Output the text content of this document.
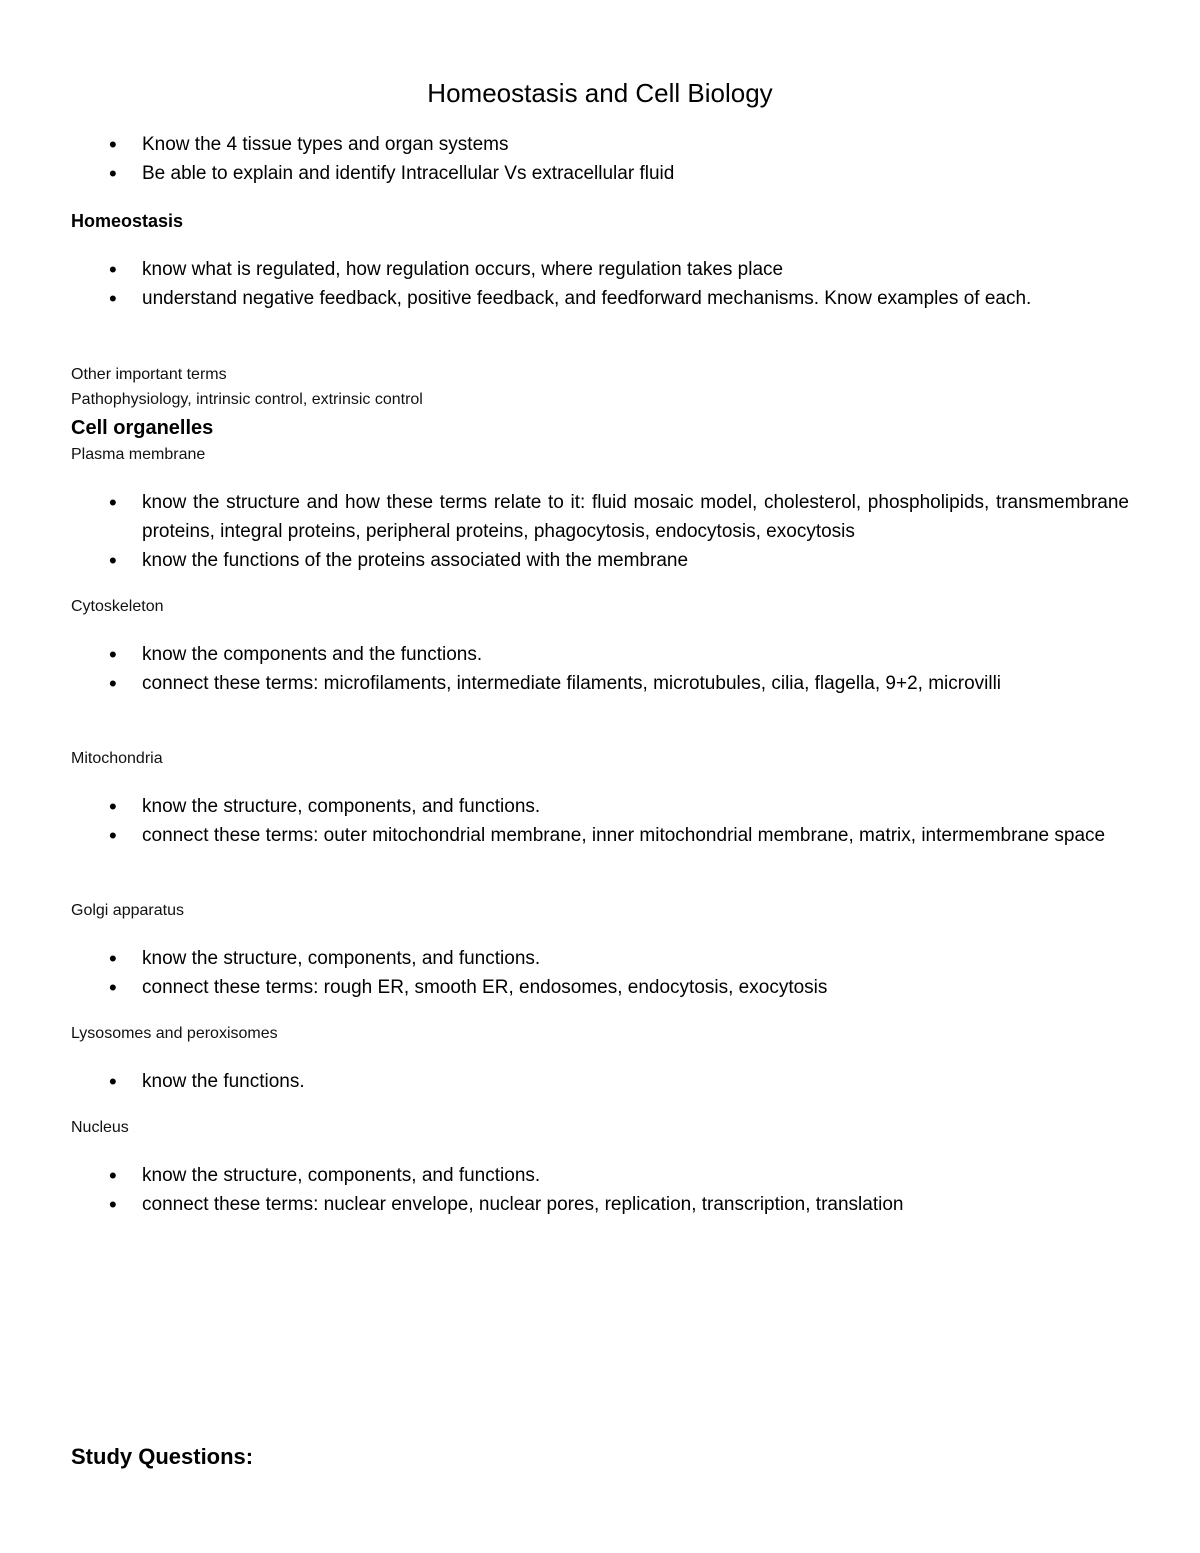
Homeostasis and Cell Biology
• Know the 4 tissue types and organ systems
• Be able to explain and identify Intracellular Vs extracellular fluid
Homeostasis
• know what is regulated, how regulation occurs, where regulation takes place
• understand negative feedback, positive feedback, and feedforward mechanisms. Know examples of each.
Other important terms
Pathophysiology, intrinsic control, extrinsic control
Cell organelles
Plasma membrane
• know the structure and how these terms relate to it: fluid mosaic model, cholesterol, phospholipids, transmembrane proteins, integral proteins, peripheral proteins, phagocytosis, endocytosis, exocytosis
• know the functions of the proteins associated with the membrane
Cytoskeleton
• know the components and the functions.
• connect these terms: microfilaments, intermediate filaments, microtubules, cilia, flagella, 9+2, microvilli
Mitochondria
• know the structure, components, and functions.
• connect these terms: outer mitochondrial membrane, inner mitochondrial membrane, matrix, intermembrane space
Golgi apparatus
• know the structure, components, and functions.
• connect these terms: rough ER, smooth ER, endosomes, endocytosis, exocytosis
Lysosomes and peroxisomes
• know the functions.
Nucleus
• know the structure, components, and functions.
• connect these terms: nuclear envelope, nuclear pores, replication, transcription, translation
Study Questions:
